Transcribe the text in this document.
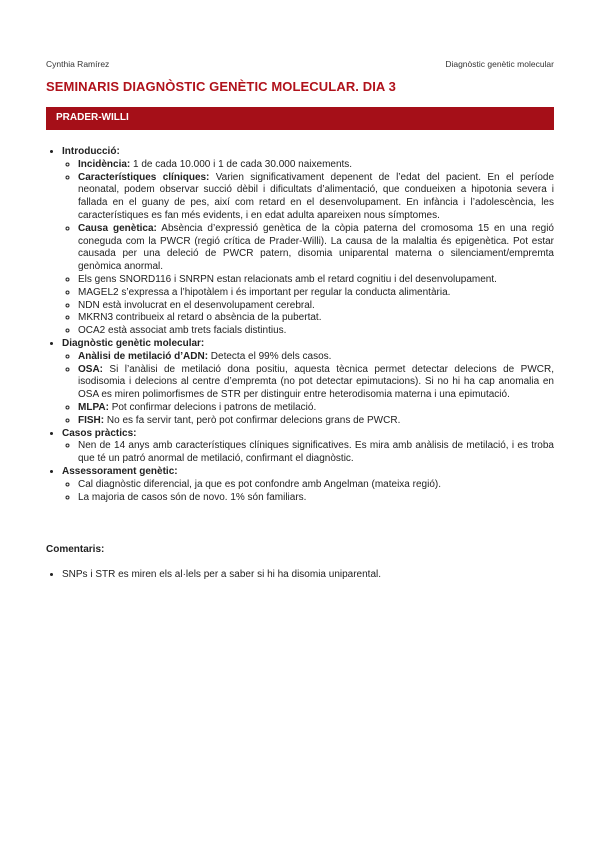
Cynthia Ramírez	Diagnòstic genètic molecular
SEMINARIS DIAGNÒSTIC GENÈTIC MOLECULAR. DIA 3
PRADER-WILLI
• Introducció:
◦ Incidència: 1 de cada 10.000 i 1 de cada 30.000 naixements.
◦ Característiques clíniques: Varien significativament depenent de l’edat del pacient. En el període neonatal, podem observar succió dèbil i dificultats d’alimentació, que condueixen a hipotonia severa i fallada en el guany de pes, així com retard en el desenvolupament. En infància i l’adolescència, les característiques es fan més evidents, i en edat adulta apareixen nous símptomes.
◦ Causa genètica: Absència d’expressió genètica de la còpia paterna del cromosoma 15 en una regió coneguda com la PWCR (regió crítica de Prader-Willi). La causa de la malaltia és epigenètica. Pot estar causada per una deleció de PWCR patern, disomia uniparental materna o silenciament/empremta genòmica anormal.
◦ Els gens SNORD116 i SNRPN estan relacionats amb el retard cognitiu i del desenvolupament.
◦ MAGEL2 s’expressa a l’hipotàlem i és important per regular la conducta alimentària.
◦ NDN està involucrat en el desenvolupament cerebral.
◦ MKRN3 contribueix al retard o absència de la pubertat.
◦ OCA2 està associat amb trets facials distintius.
• Diagnòstic genètic molecular:
◦ Anàlisi de metilació d’ADN: Detecta el 99% dels casos.
◦ OSA: Si l’anàlisi de metilació dona positiu, aquesta tècnica permet detectar delecions de PWCR, isodisomia i delecions al centre d’empremta (no pot detectar epimutacions). Si no hi ha cap anomalia en OSA es miren polimorfismes de STR per distinguir entre heterodisomia materna i una epimutació.
◦ MLPA: Pot confirmar delecions i patrons de metilació.
◦ FISH: No es fa servir tant, però pot confirmar delecions grans de PWCR.
• Casos pràctics:
◦ Nen de 14 anys amb característiques clíniques significatives. Es mira amb anàlisis de metilació, i es troba que té un patró anormal de metilació, confirmant el diagnòstic.
• Assessorament genètic:
◦ Cal diagnòstic diferencial, ja que es pot confondre amb Angelman (mateixa regió).
◦ La majoria de casos són de novo. 1% són familiars.
Comentaris:
• SNPs i STR es miren els al·lels per a saber si hi ha disomia uniparental.
